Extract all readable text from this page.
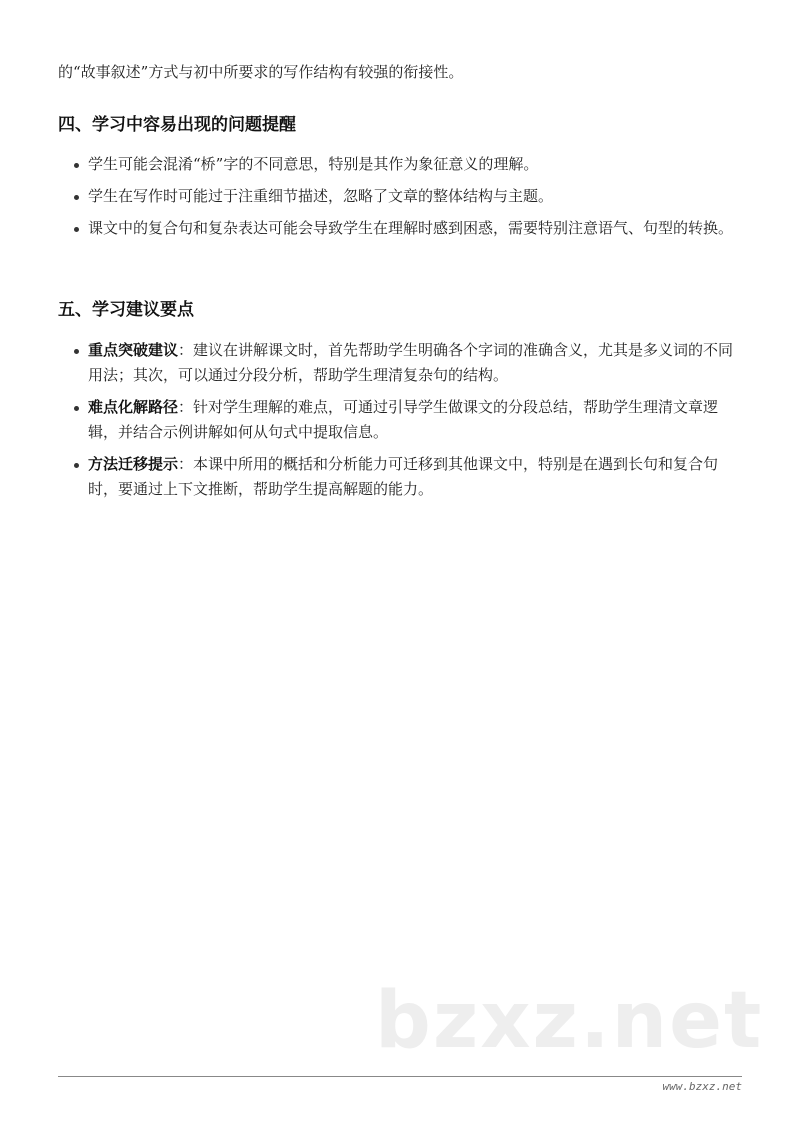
的“故事叙述”方式与初中所要求的写作结构有较强的衔接性。
四、学习中容易出现的问题提醒
学生可能会混淆“桥”字的不同意思，特别是其作为象征意义的理解。
学生在写作时可能过于注重细节描述，忽略了文章的整体结构与主题。
课文中的复合句和复杂表达可能会导致学生在理解时感到困惑，需要特别注意语气、句型的转换。
五、学习建议要点
重点突破建议：建议在讲解课文时，首先帮助学生明确各个字词的准确含义，尤其是多义词的不同用法；其次，可以通过分段分析，帮助学生理清复杂句的结构。
难点化解路径：针对学生理解的难点，可通过引导学生做课文的分段总结，帮助学生理清文章逻辑，并结合示例讲解如何从句式中提取信息。
方法迁移提示：本课中所用的概括和分析能力可迁移到其他课文中，特别是在遇到长句和复合句时，要通过上下文推断，帮助学生提高解题的能力。
bzxz.net
www.bzxz.net
